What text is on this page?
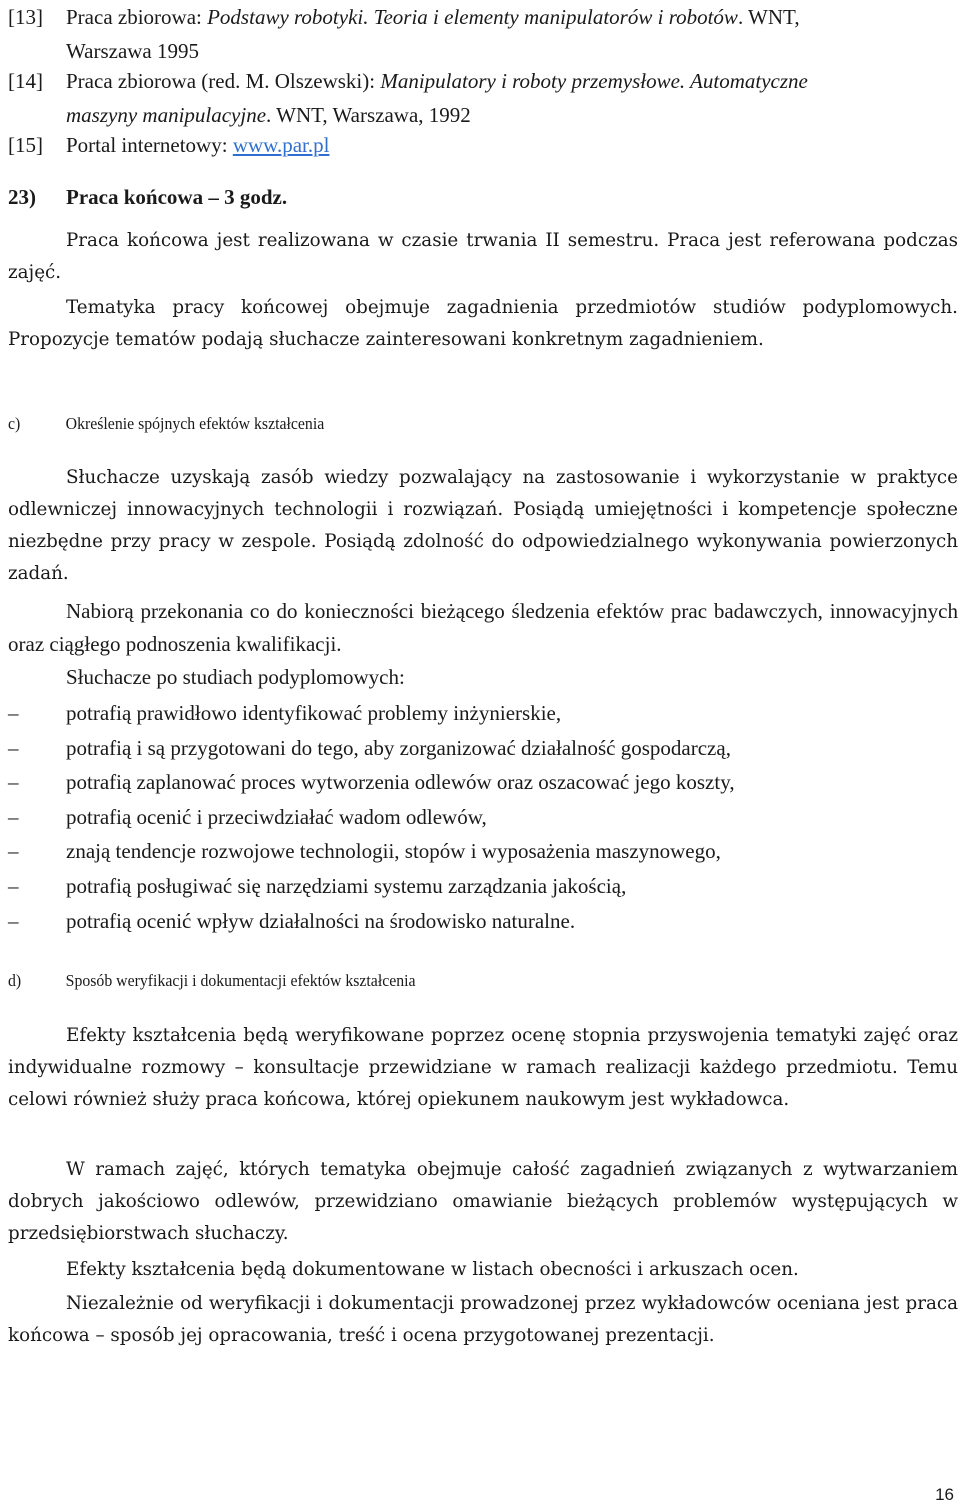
[13] Praca zbiorowa: Podstawy robotyki. Teoria i elementy manipulatorów i robotów. WNT,
Warszawa 1995
[14] Praca zbiorowa (red. M. Olszewski): Manipulatory i roboty przemysłowe. Automatyczne
maszyny manipulacyjne. WNT, Warszawa, 1992
[15] Portal internetowy: www.par.pl
23) Praca końcowa – 3 godz.

Praca końcowa jest realizowana w czasie trwania II semestru. Praca jest referowana podczas zajęć.

Tematyka pracy końcowej obejmuje zagadnienia przedmiotów studiów podyplomowych. Propozycje tematów podają słuchacze zainteresowani konkretnym zagadnieniem.

c)	Określenie spójnych efektów kształcenia

Słuchacze uzyskają zasób wiedzy pozwalający na zastosowanie i wykorzystanie w praktyce odlewniczej innowacyjnych technologii i rozwiązań. Posiądą umiejętności i kompetencje społeczne niezbędne przy pracy w zespole. Posiądą zdolność do odpowiedzialnego wykonywania powierzonych zadań.

Nabiorą przekonania co do konieczności bieżącego śledzenia efektów prac badawczych, innowacyjnych oraz ciągłego podnoszenia kwalifikacji.

Słuchacze po studiach podyplomowych:

– potrafią prawidłowo identyfikować problemy inżynierskie,
– potrafią i są przygotowani do tego, aby zorganizować działalność gospodarczą,
– potrafią zaplanować proces wytworzenia odlewów oraz oszacować jego koszty,
– potrafią ocenić i przeciwdziałać wadom odlewów,
– znają tendencje rozwojowe technologii, stopów i wyposażenia maszynowego,
– potrafią posługiwać się narzędziami systemu zarządzania jakością,
– potrafią ocenić wpływ działalności na środowisko naturalne.
d)	Sposób weryfikacji i dokumentacji efektów kształcenia

Efekty kształcenia będą weryfikowane poprzez ocenę stopnia przyswojenia tematyki zajęć oraz indywidualne rozmowy – konsultacje przewidziane w ramach realizacji każdego przedmiotu. Temu celowi również służy praca końcowa, której opiekunem naukowym jest wykładowca.

W ramach zajęć, których tematyka obejmuje całość zagadnień związanych z wytwarzaniem dobrych jakościowo odlewów, przewidziano omawianie bieżących problemów występujących w przedsiębiorstwach słuchaczy.

Efekty kształcenia będą dokumentowane w listach obecności i arkuszach ocen.

Niezależnie od weryfikacji i dokumentacji prowadzonej przez wykładowców oceniana jest praca końcowa – sposób jej opracowania, treść i ocena przygotowanej prezentacji.

16
